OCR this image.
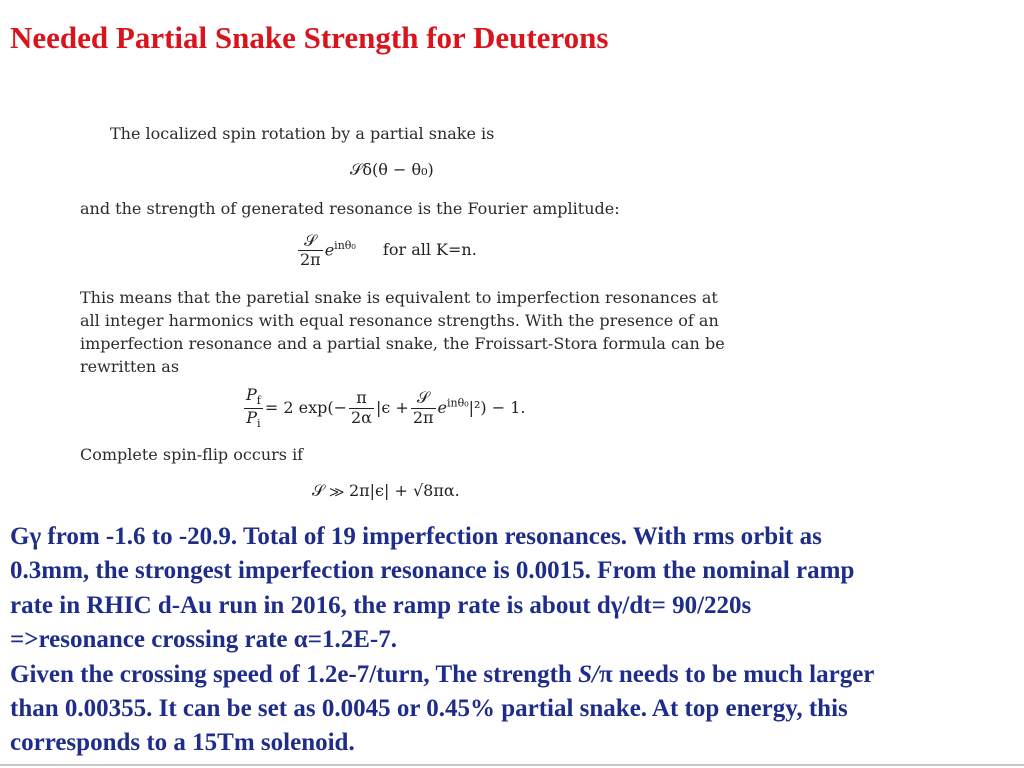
Needed Partial Snake Strength for Deuterons
The localized spin rotation by a partial snake is
𝒮δ(θ − θ₀)
and the strength of generated resonance is the Fourier amplitude:
$\frac{\text{𝒮}}{2\pi} e^{in\theta_0}$ for all K=n.
This means that the paretial snake is equivalent to imperfection resonances at
all integer harmonics with equal resonance strengths. With the presence of an
imperfection resonance and a partial snake, the Froissart-Stora formula can be
rewritten as
$\frac{P_f}{P_i} = 2$ $\exp(- \frac{\pi}{2\alpha} |\epsilon + \frac{\text{𝒮}}{2\pi} e^{in\theta_0}|^2) - 1$.
Complete spin-flip occurs if
𝒮 ≫ 2π|ϵ| + √8πα.

Gγ from -1.6 to -20.9. Total of 19 imperfection resonances. With rms orbit as

0.3mm, the strongest imperfection resonance is 0.0015. From the nominal ramp

rate in RHIC d-Au run in 2016, the ramp rate is about dγ/dt= 90/220s

=>resonance crossing rate α=1.2E-7.

Given the crossing speed of 1.2e-7/turn, The strength S/π needs to be much larger

than 0.00355. It can be set as 0.0045 or 0.45% partial snake. At top energy, this

corresponds to a 15Tm solenoid.
